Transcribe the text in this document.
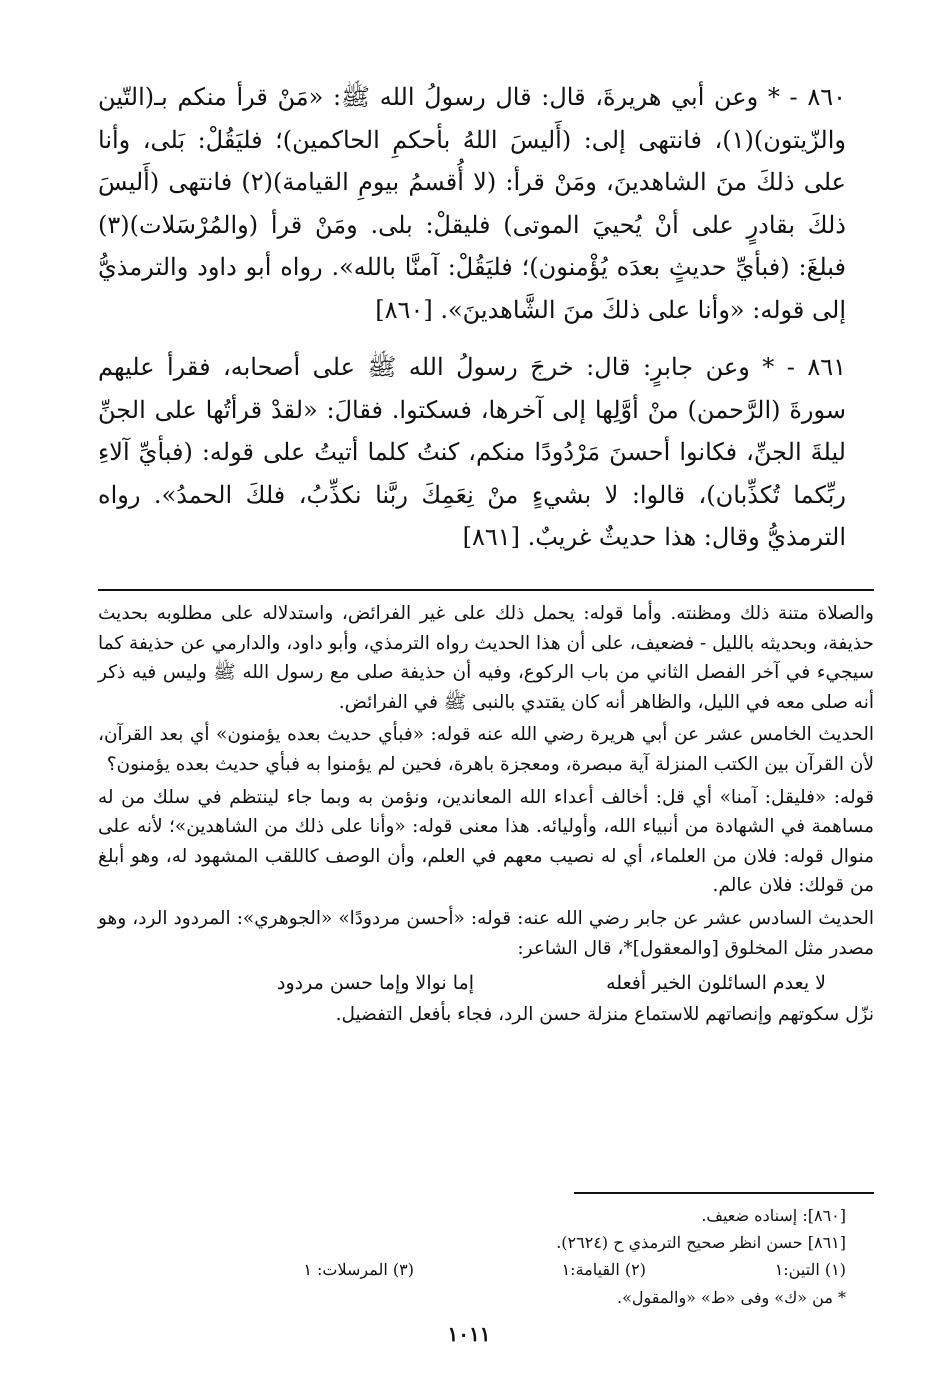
٨٦٠ - * وعن أبي هريرةَ، قال: قال رسولُ الله ﷺ: «مَنْ قرأ منكم بـ(التّين والزّيتون)(١)، فانتهى إلى: (أَليسَ اللهُ بأحكمِ الحاكمين)؛ فليَقُلْ: بَلى، وأنا على ذلكَ منَ الشاهدينَ، ومَنْ قرأ: (لا أُقسمُ بيومِ القيامة)(٢) فانتهى (أَليسَ ذلكَ بقادرٍ على أنْ يُحييَ الموتى) فليقلْ: بلى. ومَنْ قرأ (والمُرْسَلات)(٣) فبلغَ: (فبأيِّ حديثٍ بعدَه يُؤْمنون)؛ فليَقُلْ: آمنَّا بالله». رواه أبو داود والترمذيُّ إلى قوله: «وأنا على ذلكَ منَ الشَّاهدينَ». [٨٦٠]

٨٦١ - * وعن جابرٍ: قال: خرجَ رسولُ الله ﷺ على أصحابه، فقرأ عليهم سورةَ (الرَّحمن) منْ أوَّلِها إلى آخرها، فسكتوا. فقالَ: «لقدْ قرأتُها على الجنِّ ليلةَ الجنِّ، فكانوا أحسنَ مَرْدُودًا منكم، كنتُ كلما أتيتُ على قوله: (فبأيِّ آلاءِ ربِّكما تُكذِّبان)، قالوا: لا بشيءٍ منْ نِعَمِكَ ربَّنا نكذِّبُ، فلكَ الحمدُ». رواه الترمذيُّ وقال: هذا حديثٌ غريبٌ. [٨٦١]

والصلاة متنة ذلك ومظنته. وأما قوله: يحمل ذلك على غير الفرائض، واستدلاله على مطلوبه بحديث حذيفة، وبحديثه بالليل - فضعيف، على أن هذا الحديث رواه الترمذي، وأبو داود، والدارمي عن حذيفة كما سيجيء في آخر الفصل الثاني من باب الركوع، وفيه أن حذيفة صلى مع رسول الله ﷺ وليس فيه ذكر أنه صلى معه في الليل، والظاهر أنه كان يقتدي بالنبى ﷺ في الفرائض.

الحديث الخامس عشر عن أبي هريرة رضي الله عنه قوله: «فبأي حديث بعده يؤمنون» أي بعد القرآن، لأن القرآن بين الكتب المنزلة آية مبصرة، ومعجزة باهرة، فحين لم يؤمنوا به فبأي حديث بعده يؤمنون؟

قوله: «فليقل: آمنا» أي قل: أخالف أعداء الله المعاندين، ونؤمن به وبما جاء لينتظم في سلك من له مساهمة في الشهادة من أنبياء الله، وأوليائه. هذا معنى قوله: «وأنا على ذلك من الشاهدين»؛ لأنه على منوال قوله: فلان من العلماء، أي له نصيب معهم في العلم، وأن الوصف كاللقب المشهود له، وهو أبلغ من قولك: فلان عالم.

الحديث السادس عشر عن جابر رضي الله عنه: قوله: «أحسن مردودًا» «الجوهري»: المردود الرد، وهو مصدر مثل المخلوق [والمعقول]*، قال الشاعر:

لا يعدم السائلون الخير أفعله
إما نوالا وإما حسن مردود

نزّل سكوتهم وإنصاتهم للاستماع منزلة حسن الرد، فجاء بأفعل التفضيل.

[٨٦٠]: إسناده ضعيف.

[٨٦١] حسن انظر صحيح الترمذي ح (٢٦٢٤).

(١) التين:١
(٢) القيامة:١
(٣) المرسلات: ١

* من «ك» وفى «ط» «والمقول».

١٠١١
